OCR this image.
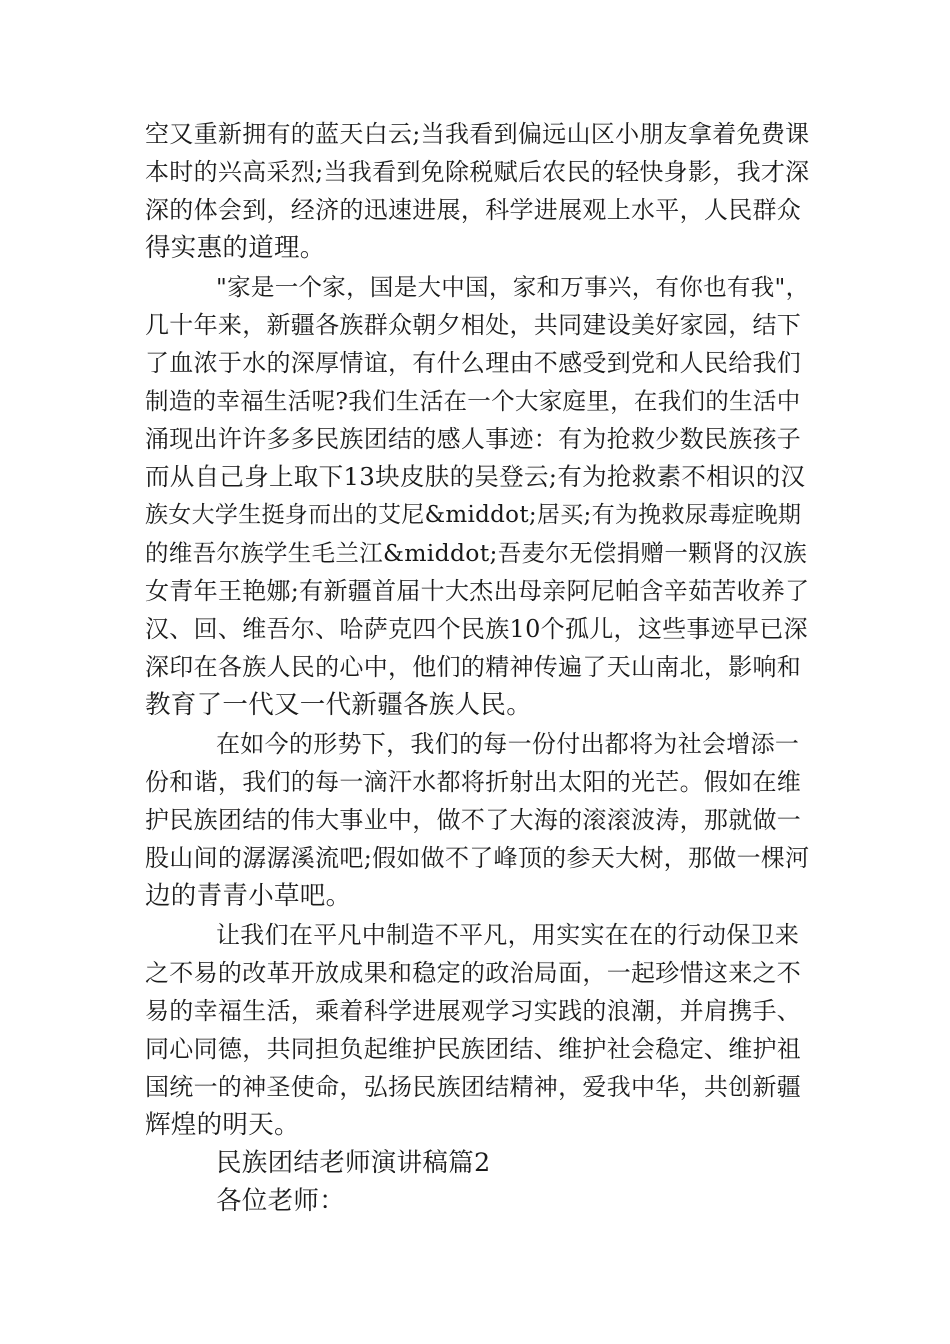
空又重新拥有的蓝天白云;当我看到偏远山区小朋友拿着免费课
本时的兴高采烈;当我看到免除税赋后农民的轻快身影，我才深
深的体会到，经济的迅速进展，科学进展观上水平，人民群众
得实惠的道理。
"家是一个家，国是大中国，家和万事兴，有你也有我"，
几十年来，新疆各族群众朝夕相处，共同建设美好家园，结下
了血浓于水的深厚情谊，有什么理由不感受到党和人民给我们
制造的幸福生活呢?我们生活在一个大家庭里，在我们的生活中
涌现出许许多多民族团结的感人事迹：有为抢救少数民族孩子
而从自己身上取下13块皮肤的吴登云;有为抢救素不相识的汉
族女大学生挺身而出的艾尼&middot;居买;有为挽救尿毒症晚期
的维吾尔族学生毛兰江&middot;吾麦尔无偿捐赠一颗肾的汉族
女青年王艳娜;有新疆首届十大杰出母亲阿尼帕含辛茹苦收养了
汉、回、维吾尔、哈萨克四个民族10个孤儿，这些事迹早已深
深印在各族人民的心中，他们的精神传遍了天山南北，影响和
教育了一代又一代新疆各族人民。
在如今的形势下，我们的每一份付出都将为社会增添一
份和谐，我们的每一滴汗水都将折射出太阳的光芒。假如在维
护民族团结的伟大事业中，做不了大海的滚滚波涛，那就做一
股山间的潺潺溪流吧;假如做不了峰顶的参天大树，那做一棵河
边的青青小草吧。
让我们在平凡中制造不平凡，用实实在在的行动保卫来
之不易的改革开放成果和稳定的政治局面，一起珍惜这来之不
易的幸福生活，乘着科学进展观学习实践的浪潮，并肩携手、
同心同德，共同担负起维护民族团结、维护社会稳定、维护祖
国统一的神圣使命，弘扬民族团结精神，爱我中华，共创新疆
辉煌的明天。
民族团结老师演讲稿篇2
各位老师：
